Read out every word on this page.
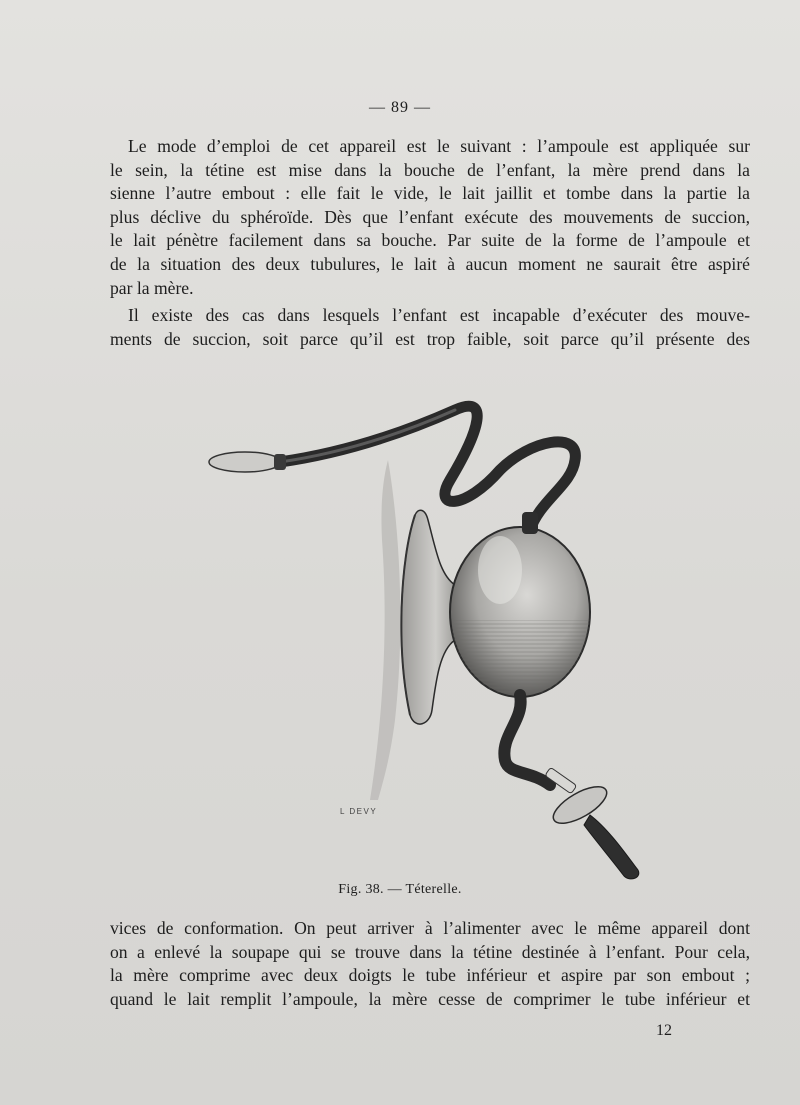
— 89 —

Le mode d’emploi de cet appareil est le suivant : l’ampoule est appliquée sur
le sein, la tétine est mise dans la bouche de l’enfant, la mère prend dans la
sienne l’autre embout : elle fait le vide, le lait jaillit et tombe dans la partie la
plus déclive du sphéroïde. Dès que l’enfant exécute des mouvements de succion,
le lait pénètre facilement dans sa bouche. Par suite de la forme de l’ampoule et
de la situation des deux tubulures, le lait à aucun moment ne saurait être aspiré
par la mère.

Il existe des cas dans lesquels l’enfant est incapable d’exécuter des mouve-
ments de succion, soit parce qu’il est trop faible, soit parce qu’il présente des

L DEVY
Fig. 38. — Téterelle.

vices de conformation. On peut arriver à l’alimenter avec le même appareil dont
on a enlevé la soupape qui se trouve dans la tétine destinée à l’enfant. Pour cela,
la mère comprime avec deux doigts le tube inférieur et aspire par son embout ;
quand le lait remplit l’ampoule, la mère cesse de comprimer le tube inférieur et

12
